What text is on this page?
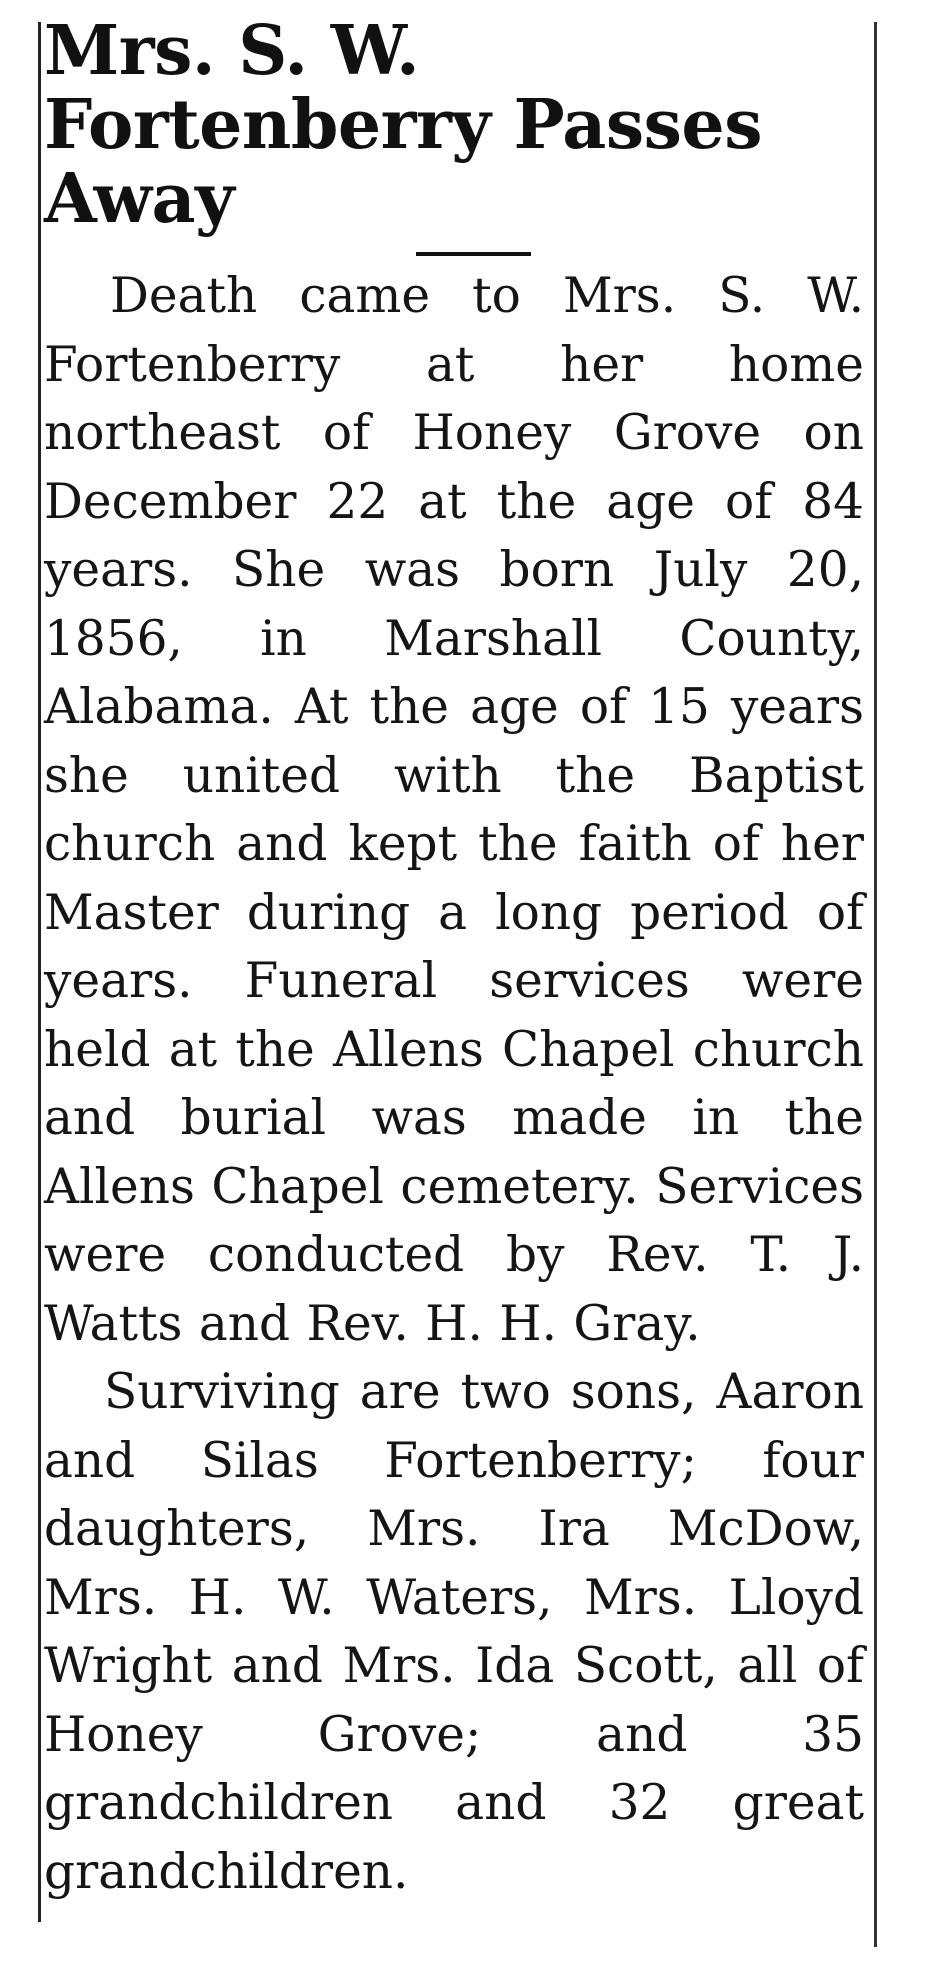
Mrs. S. W. Fortenberry Passes Away

Death came to Mrs. S. W. Fortenberry at her home northeast of Honey Grove on December 22 at the age of 84 years. She was born July 20, 1856, in Marshall County, Alabama. At the age of 15 years she united with the Baptist church and kept the faith of her Master during a long period of years. Funeral services were held at the Allens Chapel church and burial was made in the Allens Chapel cemetery. Services were conducted by Rev. T. J. Watts and Rev. H. H. Gray.

Surviving are two sons, Aaron and Silas Fortenberry; four daughters, Mrs. Ira McDow, Mrs. H. W. Waters, Mrs. Lloyd Wright and Mrs. Ida Scott, all of Honey Grove; and 35 grandchildren and 32 great grandchildren.
